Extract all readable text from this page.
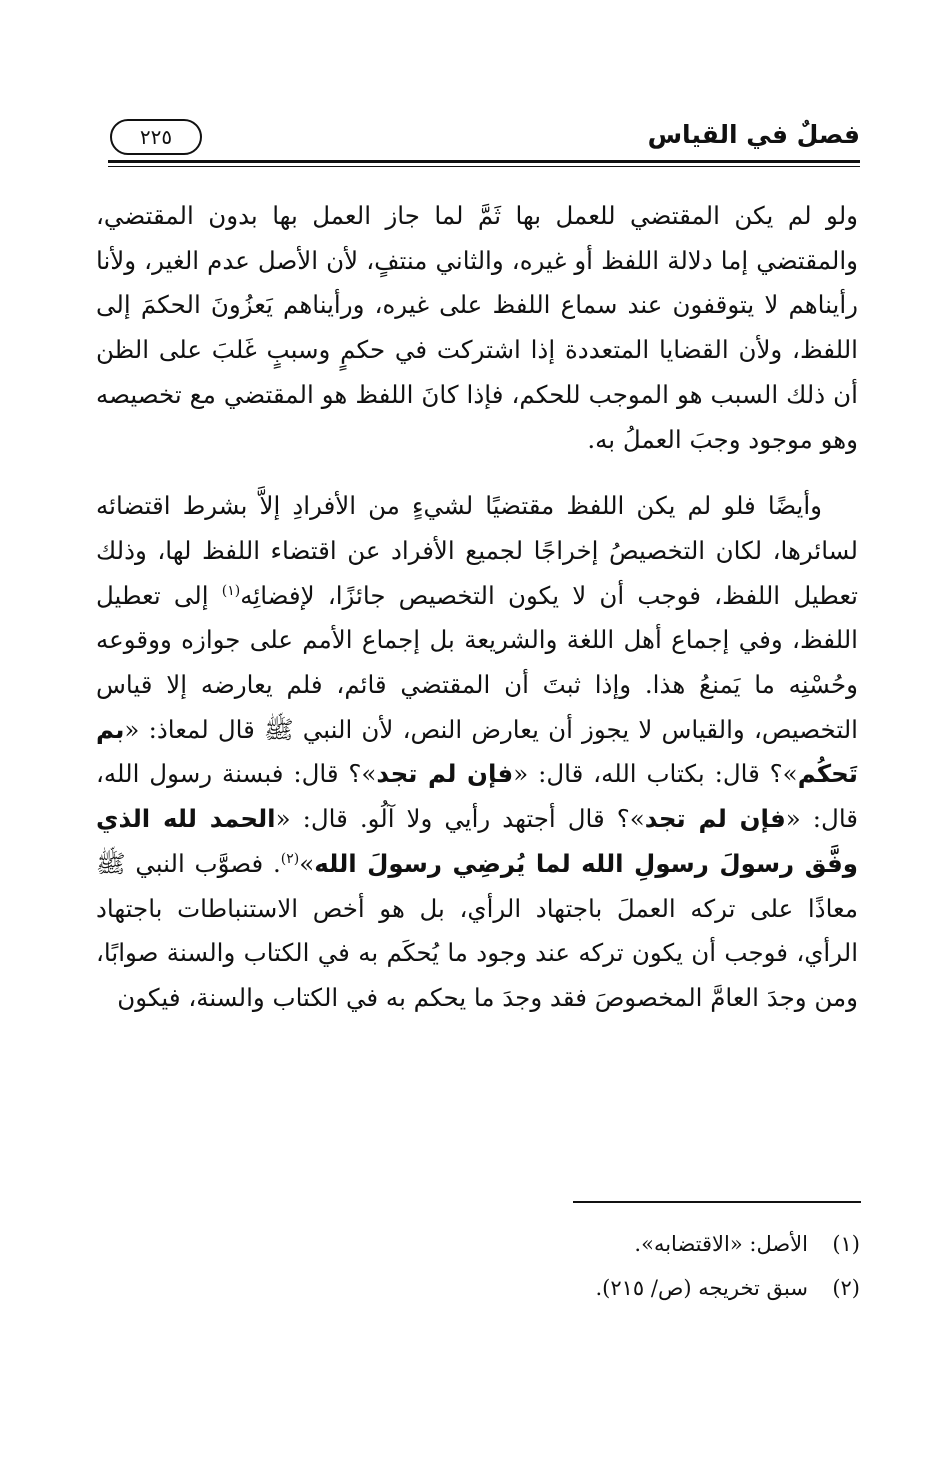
فصلٌ في القياس
٢٢٥

ولو لم يكن المقتضي للعمل بها ثَمَّ لما جاز العمل بها بدون المقتضي، والمقتضي إما دلالة اللفظ أو غيره، والثاني منتفٍ، لأن الأصل عدم الغير، ولأنا رأيناهم لا يتوقفون عند سماع اللفظ على غيره، ورأيناهم يَعزُونَ الحكمَ إلى اللفظ، ولأن القضايا المتعددة إذا اشتركت في حكمٍ وسببٍ غَلبَ على الظن أن ذلك السبب هو الموجب للحكم، فإذا كانَ اللفظ هو المقتضي مع تخصيصه وهو موجود وجبَ العملُ به.

وأيضًا فلو لم يكن اللفظ مقتضيًا لشيءٍ من الأفرادِ إلاَّ بشرط اقتضائه لسائرها، لكان التخصيصُ إخراجًا لجميع الأفراد عن اقتضاء اللفظ لها، وذلك تعطيل اللفظ، فوجب أن لا يكون التخصيص جائزًا، لإفضائِه$^{(١)}$ إلى تعطيل اللفظ، وفي إجماع أهل اللغة والشريعة بل إجماع الأمم على جوازه ووقوعه وحُسْنِه ما يَمنعُ هذا. وإذا ثبتَ أن المقتضي قائم، فلم يعارضه إلا قياس التخصيص، والقياس لا يجوز أن يعارض النص، لأن النبي ﷺ قال لمعاذ: «بم تَحكُم»؟ قال: بكتاب الله، قال: «فإن لم تجد»؟ قال: فبسنة رسول الله، قال: «فإن لم تجد»؟ قال أجتهد رأيي ولا آلُو. قال: «الحمد لله الذي وفَّق رسولَ رسولِ الله لما يُرضِي رسولَ الله»$^{(٢)}$. فصوَّب النبي ﷺ معاذًا على تركه العملَ باجتهاد الرأي، بل هو أخص الاستنباطات باجتهاد الرأي، فوجب أن يكون تركه عند وجود ما يُحكَم به في الكتاب والسنة صوابًا، ومن وجدَ العامَّ المخصوصَ فقد وجدَ ما يحكم به في الكتاب والسنة، فيكون

(١)
الأصل: «الاقتضابه».
(٢)
سبق تخريجه (ص/ ٢١٥).
